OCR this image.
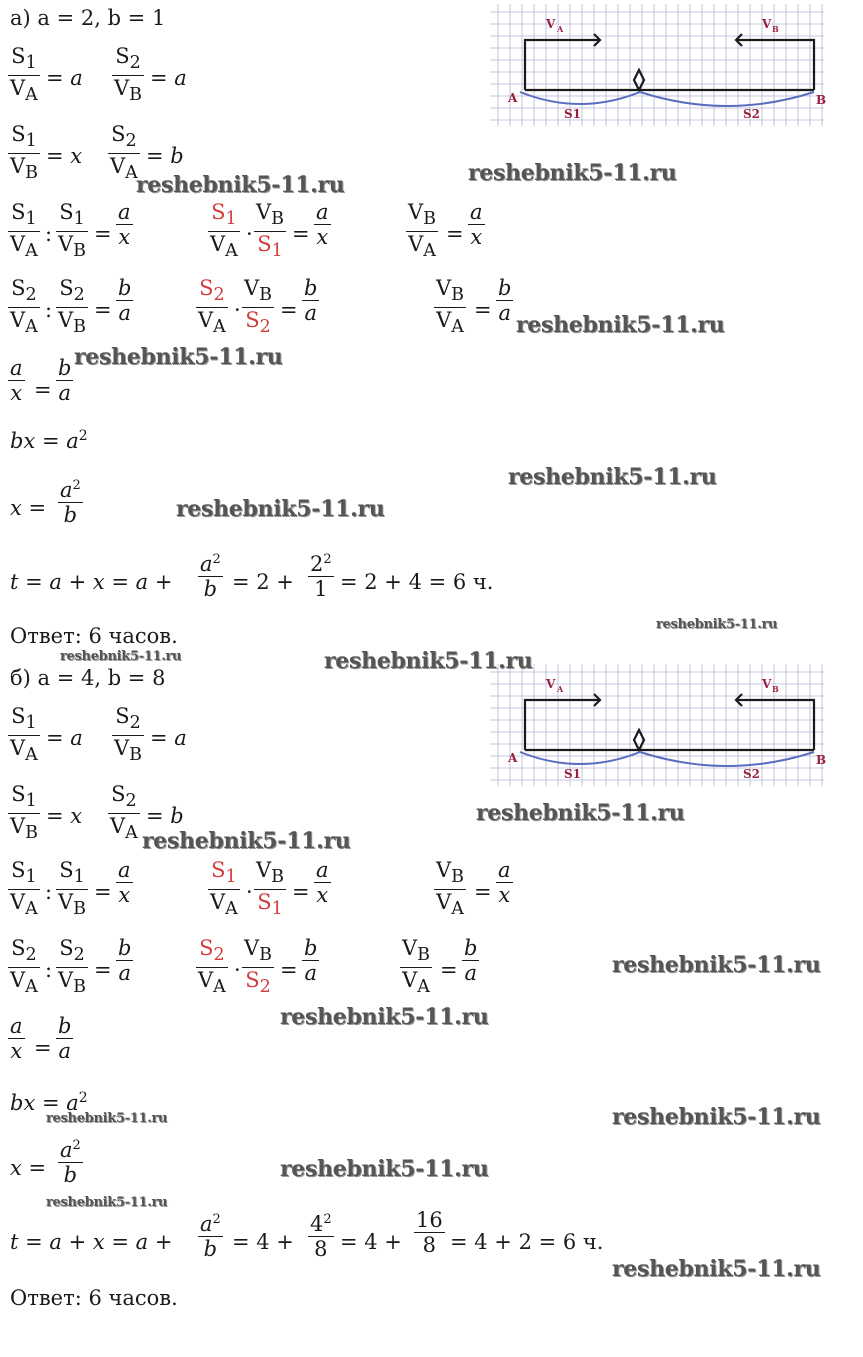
а) a = 2, b = 1
$S_1$
$V_A$
= a
$S_2$
$V_B$
= a
$S_1$
$V_B$
= x
$S_2$
$V_A$
= b
$S_1$
$V_A$
:
$S_1$
$V_B$
=
a
x
$S_1$
$V_A$
·
$V_B$
$S_1$
=
a
x
$V_B$
$V_A$
=
a
x
$S_2$
$V_A$
:
$S_2$
$V_B$
=
b
a
$S_2$
$V_A$
·
$V_B$
$S_2$
=
b
a
$V_B$
$V_A$
=
b
a
a
x =
b
a
bx = $a^2$
x =
$a^2$
b
t = a + x = a +
$a^2$
b = 2 +
$2^2$
1 = 2 + 4 = 6 ч.
Ответ: 6 часов.
б) a = 4, b = 8
$S_1$
$V_A$
= a
$S_2$
$V_B$
= a
$S_1$
$V_B$
= x
$S_2$
$V_A$
= b
$S_1$
$V_A$
:
$S_1$
$V_B$
=
a
x
$S_1$
$V_A$
·
$V_B$
$S_1$
=
a
x
$V_B$
$V_A$
=
a
x
$S_2$
$V_A$
:
$S_2$
$V_B$
=
b
a
$S_2$
$V_A$
·
$V_B$
$S_2$
=
b
a
$V_B$
$V_A$
=
b
a
a
x =
b
a
bx = $a^2$
x =
$a^2$
b
t = a + x = a +
$a^2$
b = 4 +
$4^2$
8 = 4 +
16
8 = 4 + 2 = 6 ч.
Ответ: 6 часов.
A	B
S1	S2
V A	V B
A	B
S1	S2
V A	V B
reshebnik5-11.ru	reshebnik5-11.ru
reshebnik5-11.ru
reshebnik5-11.ru
reshebnik5-11.ru
reshebnik5-11.ru
reshebnik5-11.ru
reshebnik5-11.ru	reshebnik5-11.ru
reshebnik5-11.ru
reshebnik5-11.ru
reshebnik5-11.ru
reshebnik5-11.ru
reshebnik5-11.ru	reshebnik5-11.ru
reshebnik5-11.ru
reshebnik5-11.ru
reshebnik5-11.ru
